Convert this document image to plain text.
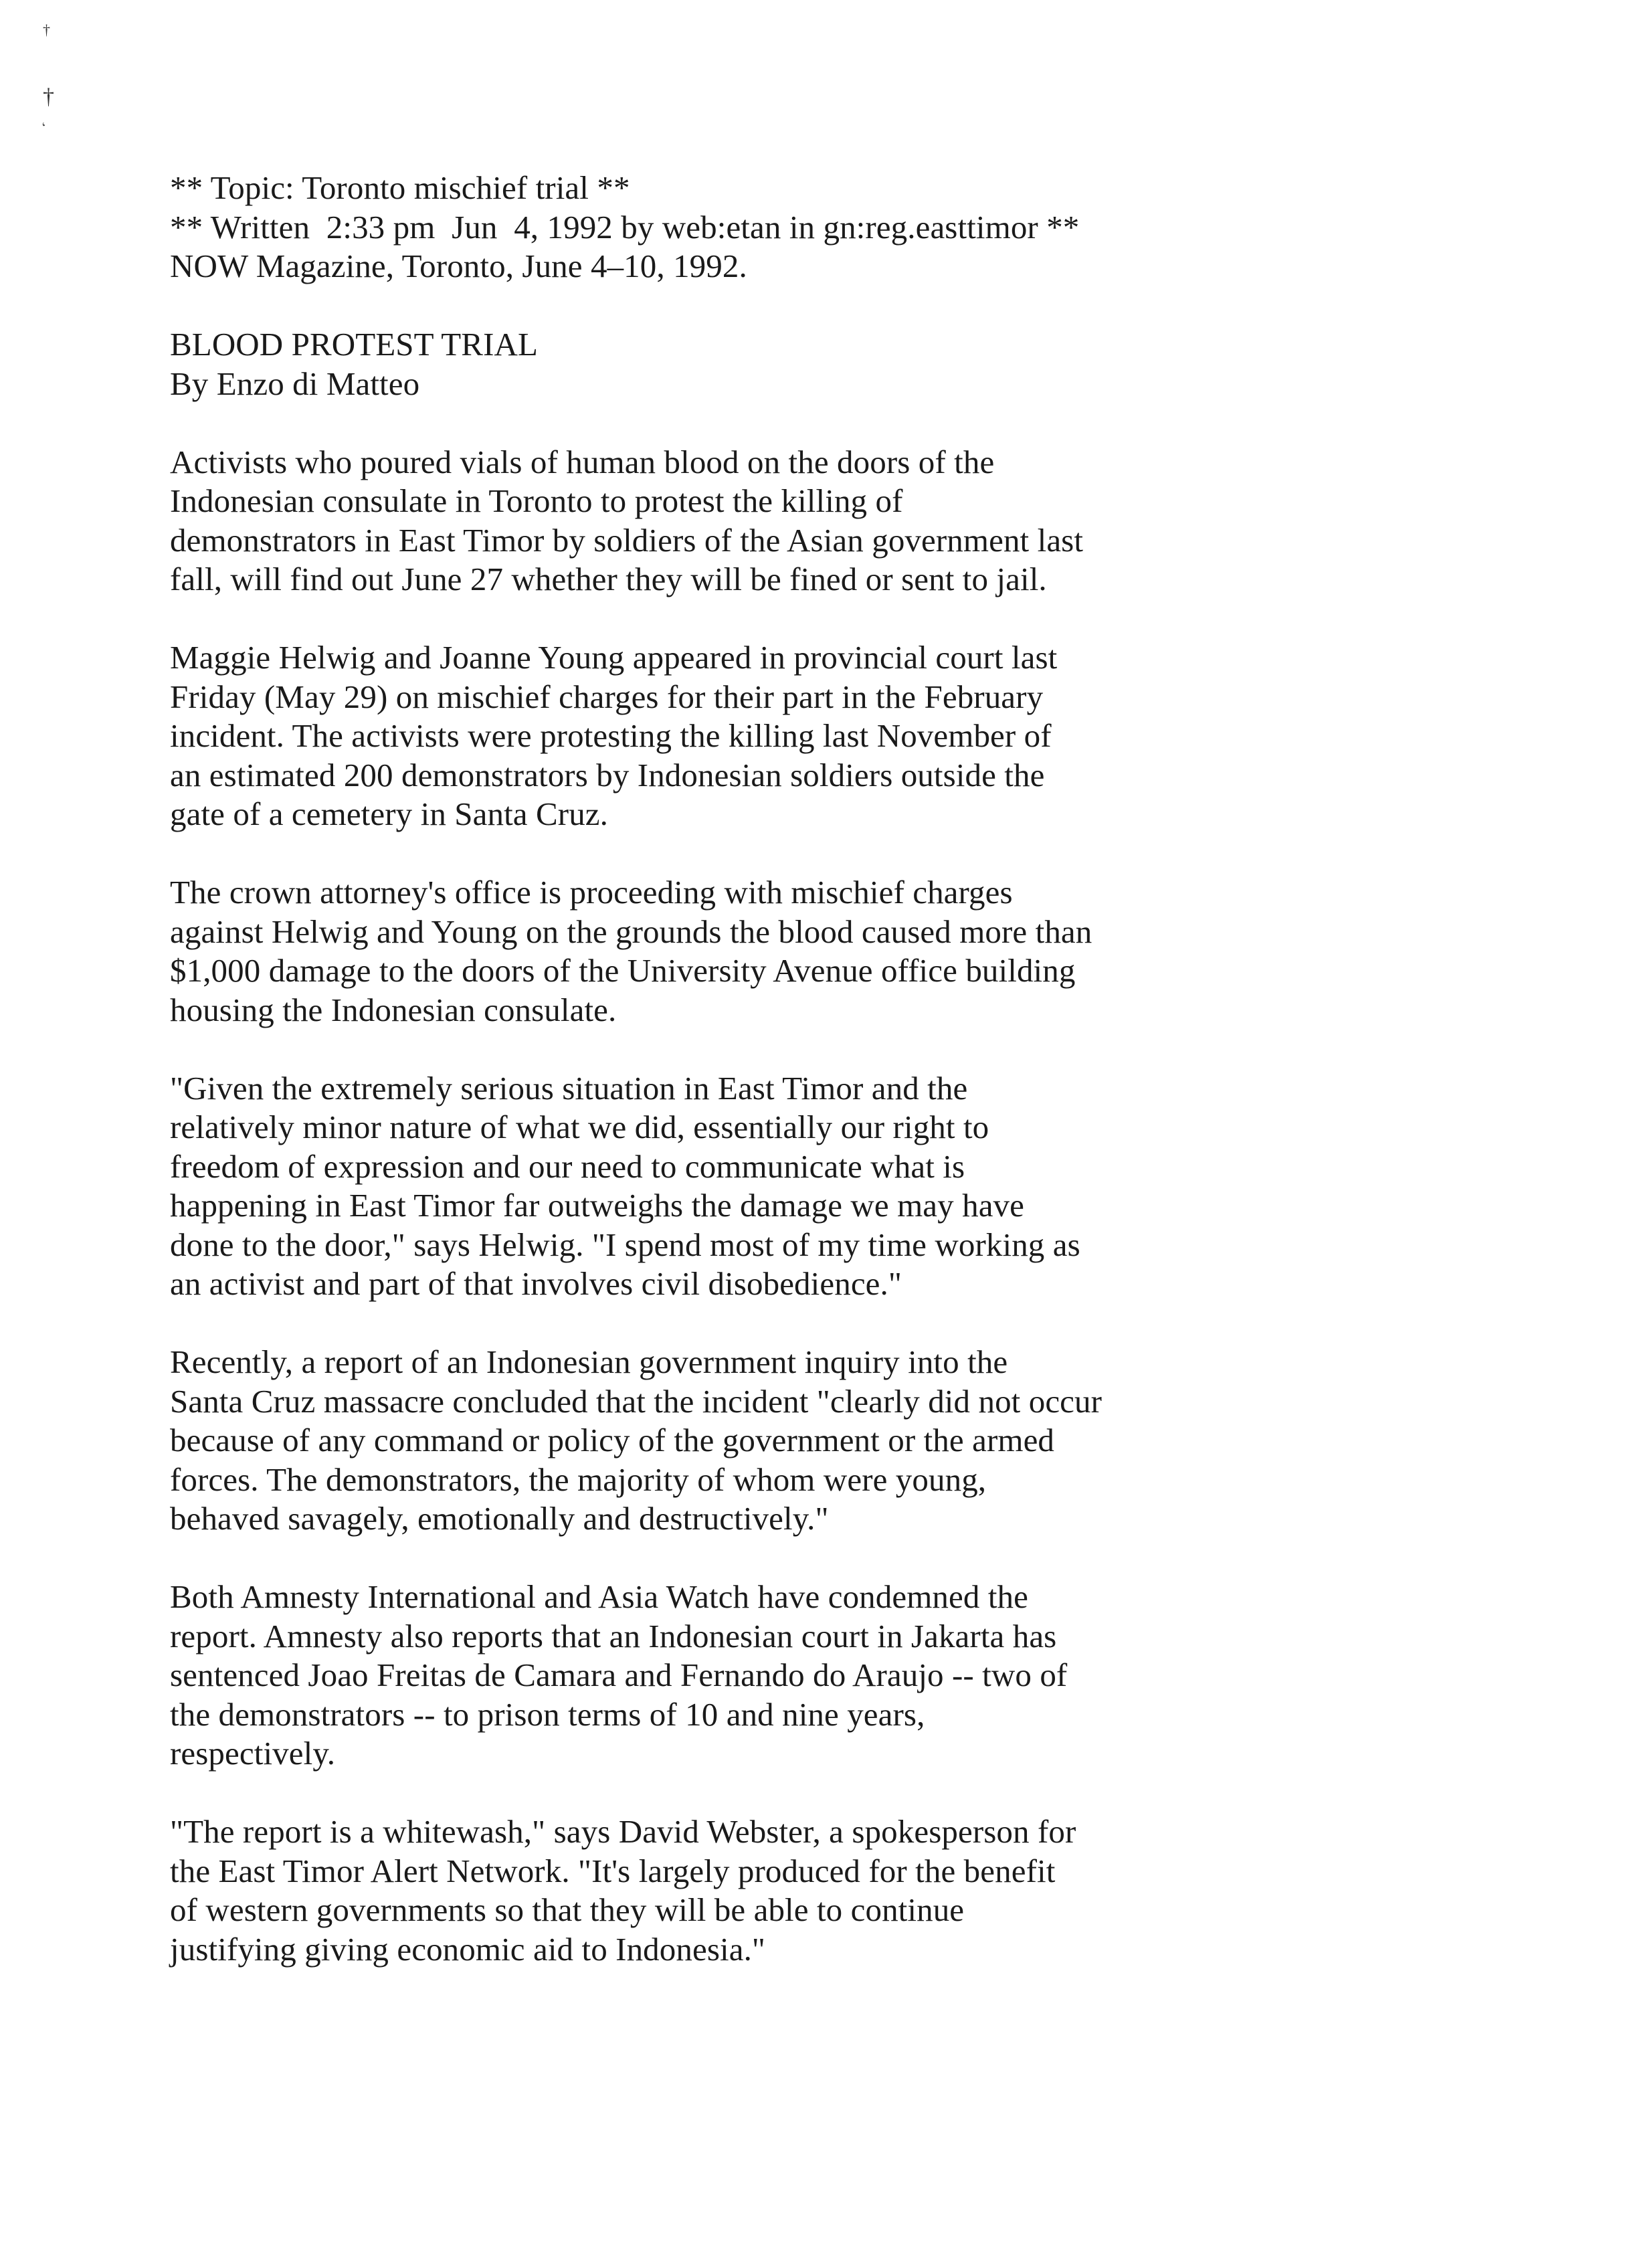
†
†
‘
** Topic: Toronto mischief trial **
** Written  2:33 pm  Jun  4, 1992 by web:etan in gn:reg.easttimor **
NOW Magazine, Toronto, June 4–10, 1992.
BLOOD PROTEST TRIAL
By Enzo di Matteo
Activists who poured vials of human blood on the doors of the
Indonesian consulate in Toronto to protest the killing of
demonstrators in East Timor by soldiers of the Asian government last
fall, will find out June 27 whether they will be fined or sent to jail.
Maggie Helwig and Joanne Young appeared in provincial court last
Friday (May 29) on mischief charges for their part in the February
incident. The activists were protesting the killing last November of
an estimated 200 demonstrators by Indonesian soldiers outside the
gate of a cemetery in Santa Cruz.
The crown attorney's office is proceeding with mischief charges
against Helwig and Young on the grounds the blood caused more than
$1,000 damage to the doors of the University Avenue office building
housing the Indonesian consulate.
"Given the extremely serious situation in East Timor and the
relatively minor nature of what we did, essentially our right to
freedom of expression and our need to communicate what is
happening in East Timor far outweighs the damage we may have
done to the door," says Helwig. "I spend most of my time working as
an activist and part of that involves civil disobedience."
Recently, a report of an Indonesian government inquiry into the
Santa Cruz massacre concluded that the incident "clearly did not occur
because of any command or policy of the government or the armed
forces. The demonstrators, the majority of whom were young,
behaved savagely, emotionally and destructively."
Both Amnesty International and Asia Watch have condemned the
report. Amnesty also reports that an Indonesian court in Jakarta has
sentenced Joao Freitas de Camara and Fernando do Araujo -- two of
the demonstrators -- to prison terms of 10 and nine years,
respectively.
"The report is a whitewash," says David Webster, a spokesperson for
the East Timor Alert Network. "It's largely produced for the benefit
of western governments so that they will be able to continue
justifying giving economic aid to Indonesia."
